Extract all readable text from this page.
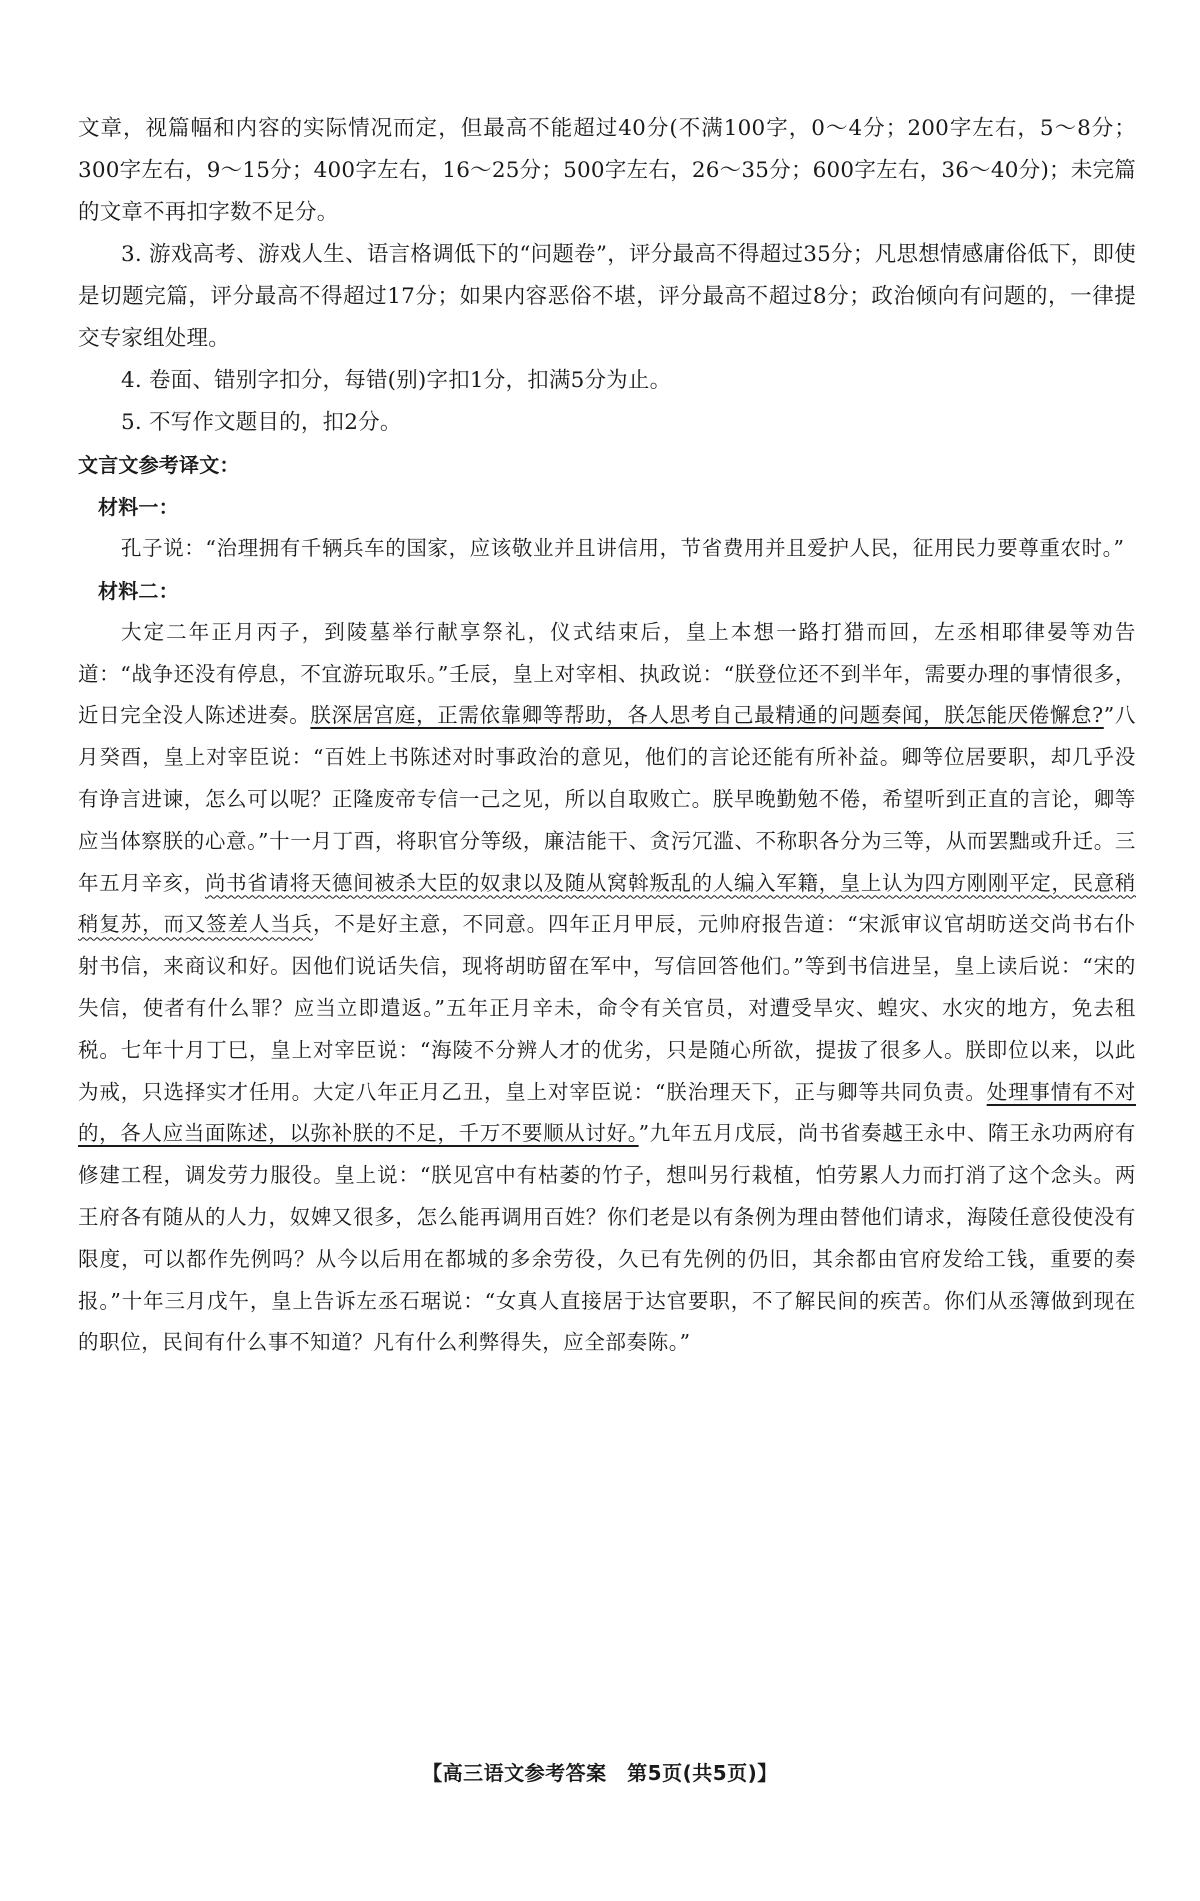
文章，视篇幅和内容的实际情况而定，但最高不能超过40分(不满100字，0～4分；200字左右，5～8分；300字左右，9～15分；400字左右，16～25分；500字左右，26～35分；600字左右，36～40分)；未完篇的文章不再扣字数不足分。

3. 游戏高考、游戏人生、语言格调低下的“问题卷”，评分最高不得超过35分；凡思想情感庸俗低下，即使是切题完篇，评分最高不得超过17分；如果内容恶俗不堪，评分最高不超过8分；政治倾向有问题的，一律提交专家组处理。

4. 卷面、错别字扣分，每错(别)字扣1分，扣满5分为止。

5. 不写作文题目的，扣2分。

文言文参考译文：

材料一：

孔子说：“治理拥有千辆兵车的国家，应该敬业并且讲信用，节省费用并且爱护人民，征用民力要尊重农时。”

材料二：

大定二年正月丙子，到陵墓举行献享祭礼，仪式结束后，皇上本想一路打猎而回，左丞相耶律晏等劝告道：“战争还没有停息，不宜游玩取乐。”壬辰，皇上对宰相、执政说：“朕登位还不到半年，需要办理的事情很多，近日完全没人陈述进奏。朕深居宫庭，正需依靠卿等帮助，各人思考自己最精通的问题奏闻，朕怎能厌倦懈怠?”八月癸酉，皇上对宰臣说：“百姓上书陈述对时事政治的意见，他们的言论还能有所补益。卿等位居要职，却几乎没有诤言进谏，怎么可以呢？正隆废帝专信一己之见，所以自取败亡。朕早晚勤勉不倦，希望听到正直的言论，卿等应当体察朕的心意。”十一月丁酉，将职官分等级，廉洁能干、贪污冗滥、不称职各分为三等，从而罢黜或升迁。三年五月辛亥，尚书省请将天德间被杀大臣的奴隶以及随从窝斡叛乱的人编入军籍，皇上认为四方刚刚平定，民意稍稍复苏，而又签差人当兵，不是好主意，不同意。四年正月甲辰，元帅府报告道：“宋派审议官胡昉送交尚书右仆射书信，来商议和好。因他们说话失信，现将胡昉留在军中，写信回答他们。”等到书信进呈，皇上读后说：“宋的失信，使者有什么罪？应当立即遣返。”五年正月辛未，命令有关官员，对遭受旱灾、蝗灾、水灾的地方，免去租税。七年十月丁巳，皇上对宰臣说：“海陵不分辨人才的优劣，只是随心所欲，提拔了很多人。朕即位以来，以此为戒，只选择实才任用。大定八年正月乙丑，皇上对宰臣说：“朕治理天下，正与卿等共同负责。处理事情有不对的，各人应当面陈述，以弥补朕的不足，千万不要顺从讨好。”九年五月戊辰，尚书省奏越王永中、隋王永功两府有修建工程，调发劳力服役。皇上说：“朕见宫中有枯萎的竹子，想叫另行栽植，怕劳累人力而打消了这个念头。两王府各有随从的人力，奴婢又很多，怎么能再调用百姓？你们老是以有条例为理由替他们请求，海陵任意役使没有限度，可以都作先例吗？从今以后用在都城的多余劳役，久已有先例的仍旧，其余都由官府发给工钱，重要的奏报。”十年三月戊午，皇上告诉左丞石琚说：“女真人直接居于达官要职，不了解民间的疾苦。你们从丞簿做到现在的职位，民间有什么事不知道？凡有什么利弊得失，应全部奏陈。”

【高三语文参考答案　第5页(共5页)】
